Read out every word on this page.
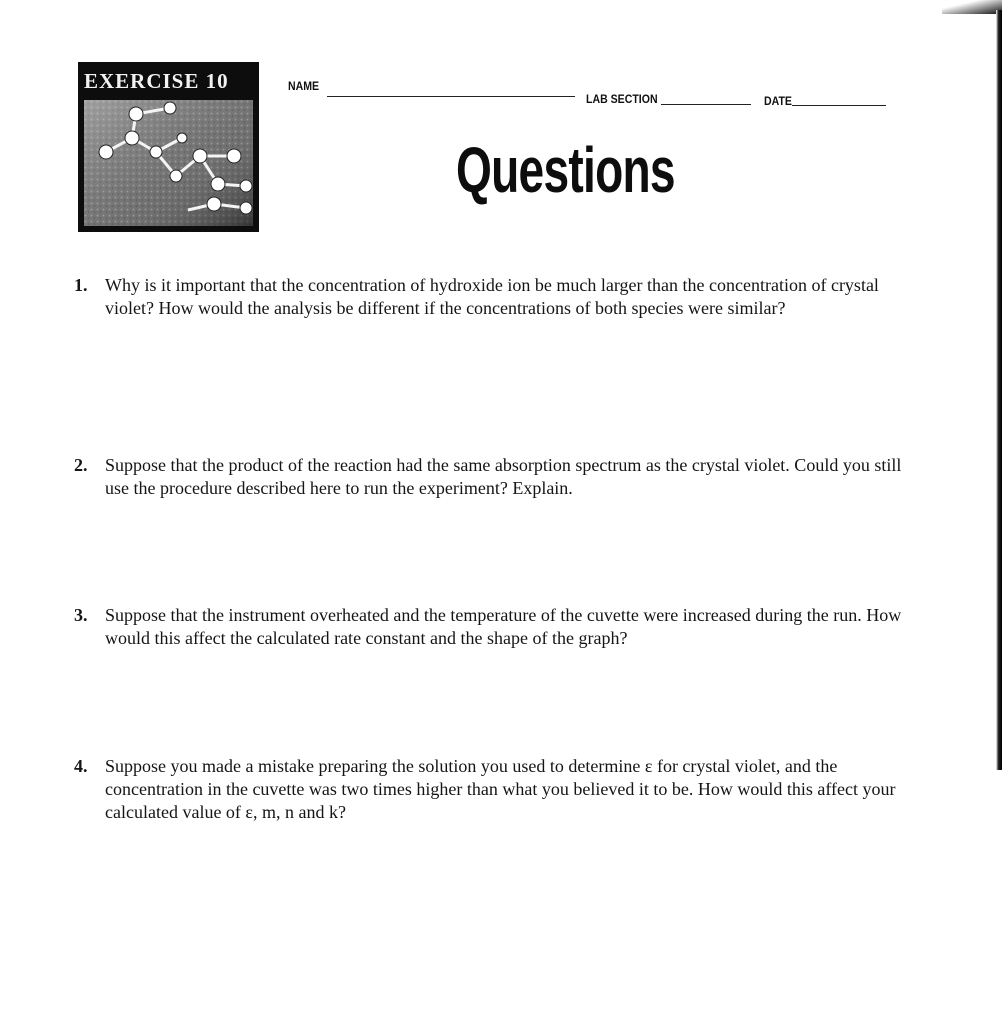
EXERCISE 10	NAME
LAB SECTION	DATE
Questions
1. Why is it important that the concentration of hydroxide ion be much larger than the concentration of crystal violet? How would the analysis be different if the concentrations of both species were similar?
2. Suppose that the product of the reaction had the same absorption spectrum as the crystal violet. Could you still use the procedure described here to run the experiment? Explain.
3. Suppose that the instrument overheated and the temperature of the cuvette were increased during the run. How would this affect the calculated rate constant and the shape of the graph?
4. Suppose you made a mistake preparing the solution you used to determine ε for crystal violet, and the concentration in the cuvette was two times higher than what you believed it to be. How would this affect your calculated value of ε, m, n and k?
